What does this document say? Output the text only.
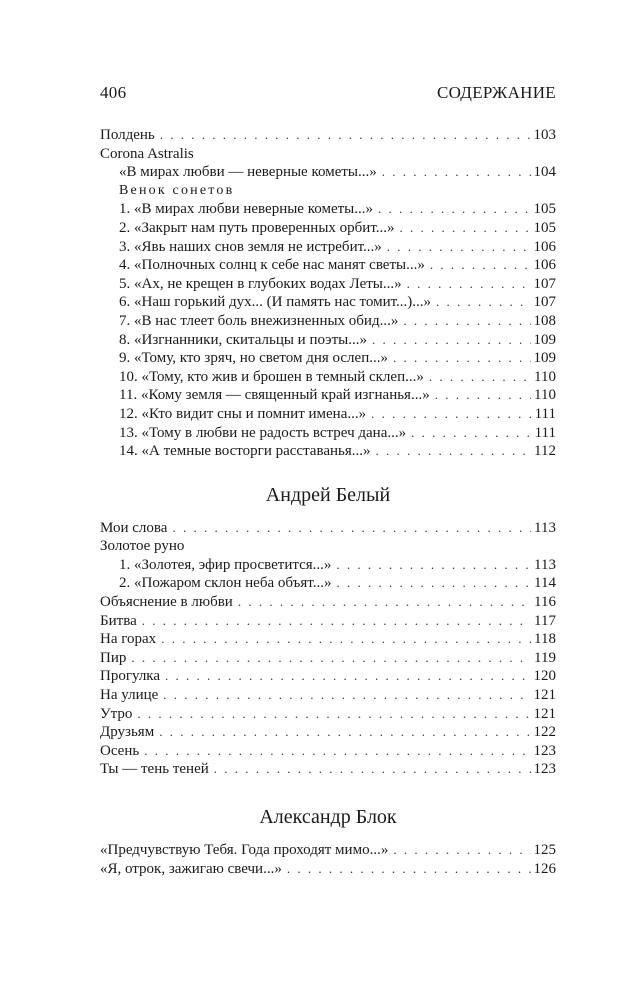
406	СОДЕРЖАНИЕ
Полдень . . .	103
Corona Astralis
«В мирах любви — неверные кометы...» . . .	104
Венок сонетов
1. «В мирах любви неверные кометы...» . . .	105
2. «Закрыт нам путь проверенных орбит...» . . .	105
3. «Явь наших снов земля не истребит...» . . .	106
4. «Полночных солнц к себе нас манят светы...» . . .	106
5. «Ах, не крещен в глубоких водах Леты...» . . .	107
6. «Наш горький дух... (И память нас томит...)...» . . .	107
7. «В нас тлеет боль внежизненных обид...» . . .	108
8. «Изгнанники, скитальцы и поэты...» . . .	109
9. «Тому, кто зряч, но светом дня ослеп...» . . .	109
10. «Тому, кто жив и брошен в темный склеп...» . . .	110
11. «Кому земля — священный край изгнанья...» . . .	110
12. «Кто видит сны и помнит имена...» . . .	111
13. «Тому в любви не радость встреч дана...» . . .	111
14. «А темные восторги расставанья...» . . .	112
Андрей Белый
Мои слова . . .	113
Золотое руно
1. «Золотея, эфир просветится...» . . .	113
2. «Пожаром склон неба объят...» . . .	114
Объяснение в любви . . .	116
Битва . . .	117
На горах . . .	118
Пир . . .	119
Прогулка . . .	120
На улице . . .	121
Утро . . .	121
Друзьям . . .	122
Осень . . .	123
Ты — тень теней . . .	123
Александр Блок
«Предчувствую Тебя. Года проходят мимо...» . . .	125
«Я, отрок, зажигаю свечи...» . . .	126
